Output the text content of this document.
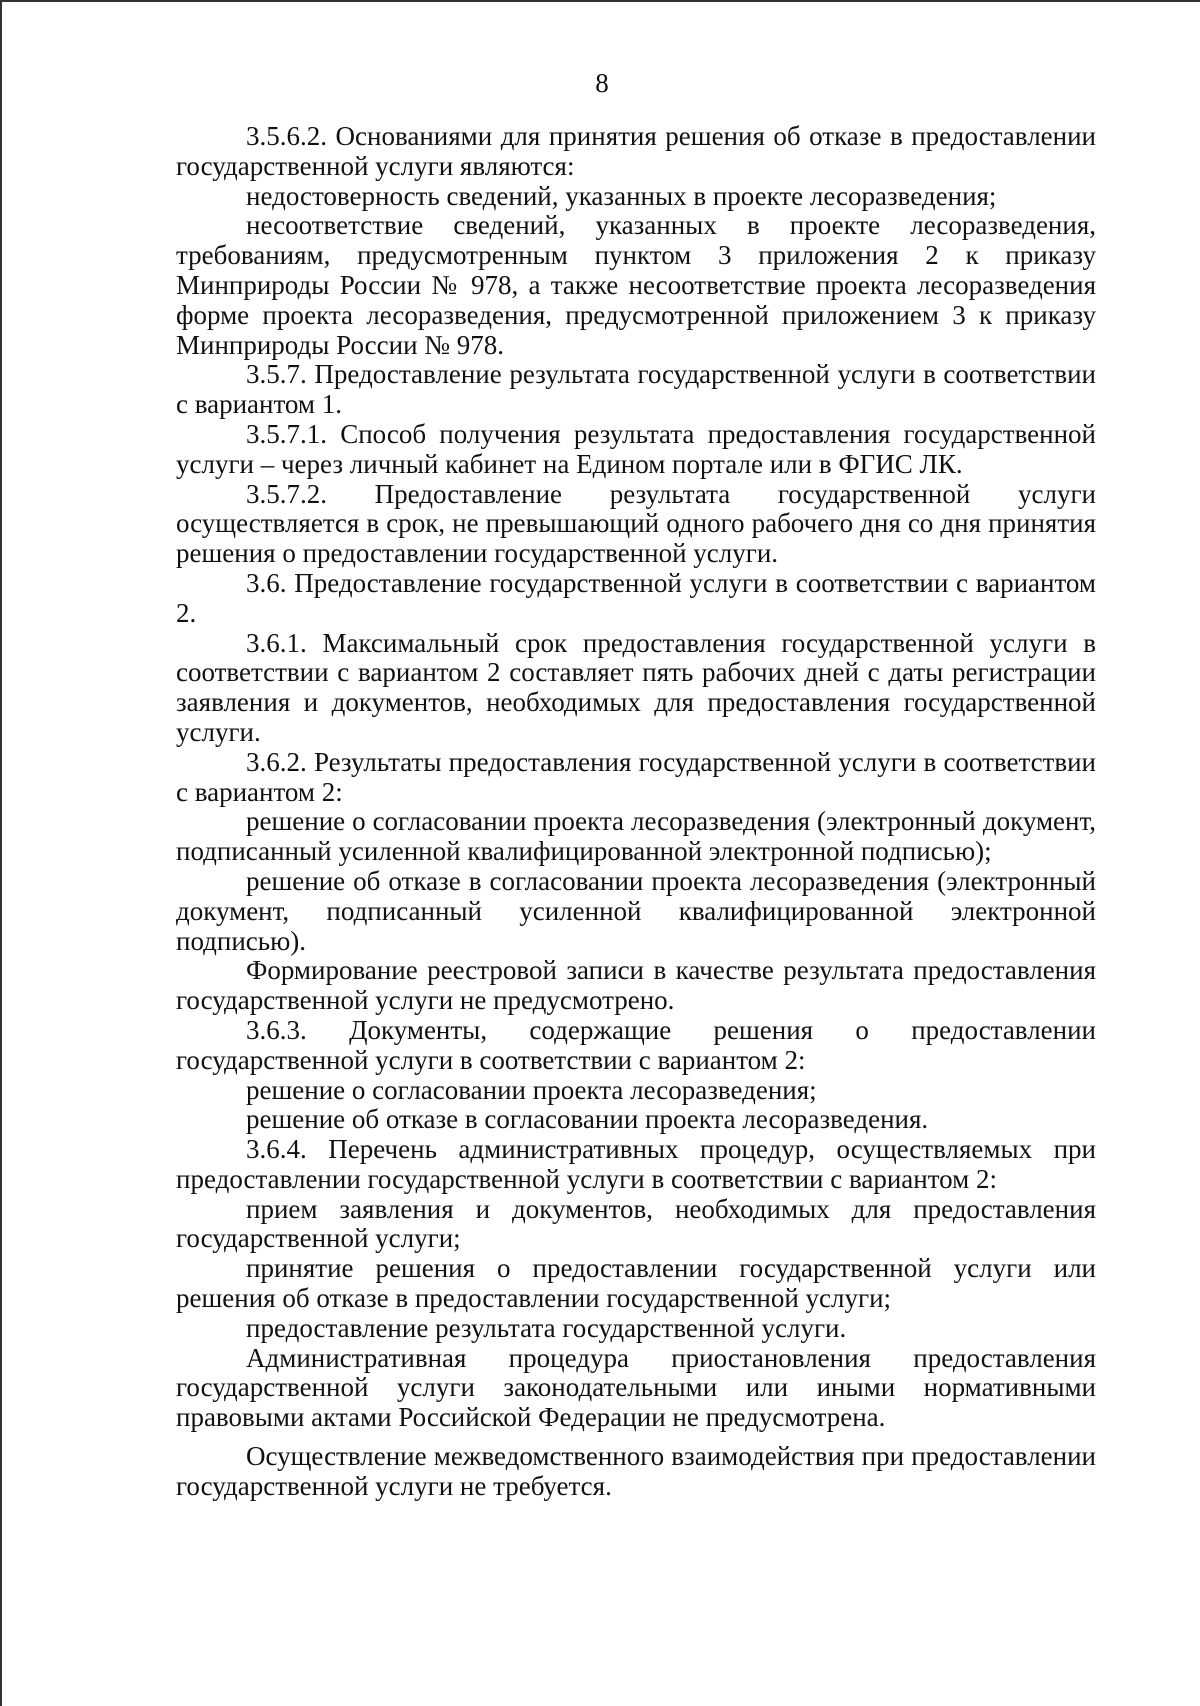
8

3.5.6.2. Основаниями для принятия решения об отказе в предоставлении государственной услуги являются:

недостоверность сведений, указанных в проекте лесоразведения;

несоответствие сведений, указанных в проекте лесоразведения, требованиям, предусмотренным пунктом 3 приложения 2 к приказу Минприроды России № 978, а также несоответствие проекта лесоразведения форме проекта лесоразведения, предусмотренной приложением 3 к приказу Минприроды России № 978.

3.5.7. Предоставление результата государственной услуги в соответствии с вариантом 1.

3.5.7.1. Способ получения результата предоставления государственной услуги – через личный кабинет на Едином портале или в ФГИС ЛК.

3.5.7.2. Предоставление результата государственной услуги осуществляется в срок, не превышающий одного рабочего дня со дня принятия решения о предоставлении государственной услуги.

3.6. Предоставление государственной услуги в соответствии с вариантом 2.

3.6.1. Максимальный срок предоставления государственной услуги в соответствии с вариантом 2 составляет пять рабочих дней с даты регистрации заявления и документов, необходимых для предоставления государственной услуги.

3.6.2. Результаты предоставления государственной услуги в соответствии с вариантом 2:

решение о согласовании проекта лесоразведения (электронный документ, подписанный усиленной квалифицированной электронной подписью);

решение об отказе в согласовании проекта лесоразведения (электронный документ, подписанный усиленной квалифицированной электронной подписью).

Формирование реестровой записи в качестве результата предоставления государственной услуги не предусмотрено.

3.6.3. Документы, содержащие решения о предоставлении государственной услуги в соответствии с вариантом 2:

решение о согласовании проекта лесоразведения;

решение об отказе в согласовании проекта лесоразведения.

3.6.4. Перечень административных процедур, осуществляемых при предоставлении государственной услуги в соответствии с вариантом 2:

прием заявления и документов, необходимых для предоставления государственной услуги;

принятие решения о предоставлении государственной услуги или решения об отказе в предоставлении государственной услуги;

предоставление результата государственной услуги.

Административная процедура приостановления предоставления государственной услуги законодательными или иными нормативными правовыми актами Российской Федерации не предусмотрена.

Осуществление межведомственного взаимодействия при предоставлении государственной услуги не требуется.
